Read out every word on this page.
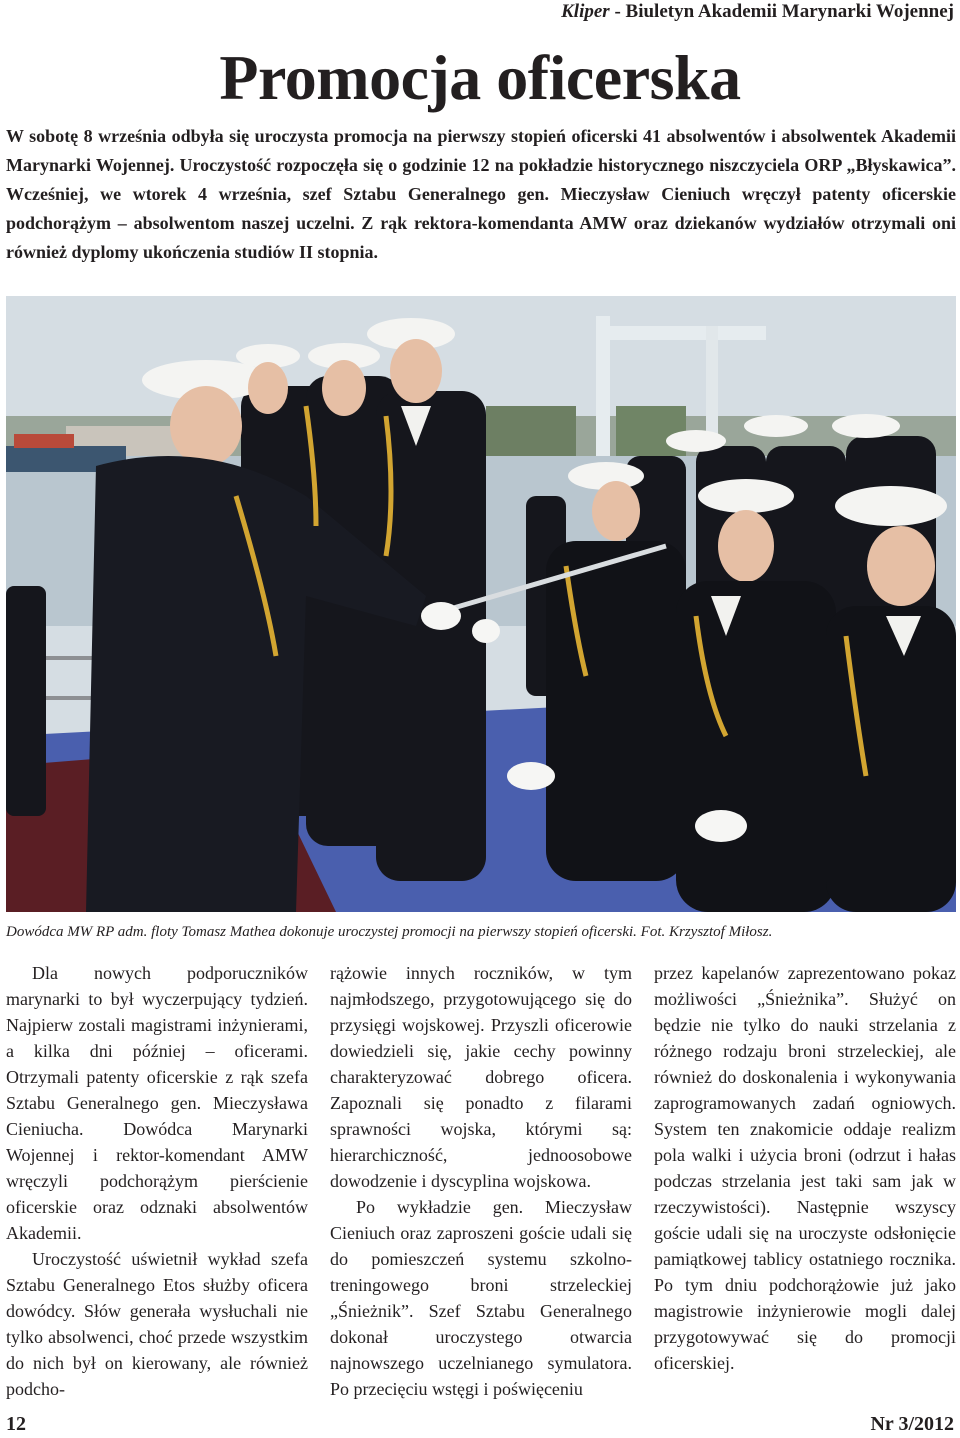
Kliper - Biuletyn Akademii Marynarki Wojennej
Promocja oficerska
W sobotę 8 września odbyła się uroczysta promocja na pierwszy stopień oficerski 41 absolwentów i absolwentek Akademii Marynarki Wojennej. Uroczystość rozpoczęła się o godzinie 12 na pokładzie historycznego niszczyciela ORP „Błyskawica”. Wcześniej, we wtorek 4 września, szef Sztabu Generalnego gen. Mieczysław Cieniuch wręczył patenty oficerskie podchorążym – absolwentom naszej uczelni. Z rąk rektora-komendanta AMW oraz dziekanów wydziałów otrzymali oni również dyplomy ukończenia studiów II stopnia.
Dowódca MW RP adm. floty Tomasz Mathea dokonuje uroczystej promocji na pierwszy stopień oficerski. Fot. Krzysztof Miłosz.

Dla nowych podporuczników marynarki to był wyczerpujący tydzień. Najpierw zostali magistrami inżynierami, a kilka dni później – oficerami. Otrzymali patenty oficerskie z rąk szefa Sztabu Generalnego gen. Mieczysława Cieniucha. Dowódca Marynarki Wojennej i rektor-komendant AMW wręczyli podchorążym pierścienie oficerskie oraz odznaki absolwentów Akademii.

Uroczystość uświetnił wykład szefa Sztabu Generalnego Etos służby oficera dowódcy. Słów generała wysłuchali nie tylko absolwenci, choć przede wszystkim do nich był on kierowany, ale również podcho-

rążowie innych roczników, w tym najmłodszego, przygotowującego się do przysięgi wojskowej. Przyszli oficerowie dowiedzieli się, jakie cechy powinny charakteryzować dobrego oficera. Zapoznali się ponadto z filarami sprawności wojska, którymi są: hierarchiczność, jednoosobowe dowodzenie i dyscyplina wojskowa.

Po wykładzie gen. Mieczysław Cieniuch oraz zaproszeni goście udali się do pomieszczeń systemu szkolno-treningowego broni strzeleckiej „Śnieżnik”. Szef Sztabu Generalnego dokonał uroczystego otwarcia najnowszego uczelnianego symulatora. Po przecięciu wstęgi i poświęceniu

przez kapelanów zaprezentowano pokaz możliwości „Śnieżnika”. Służyć on będzie nie tylko do nauki strzelania z różnego rodzaju broni strzeleckiej, ale również do doskonalenia i wykonywania zaprogramowanych zadań ogniowych. System ten znakomicie oddaje realizm pola walki i użycia broni (odrzut i hałas podczas strzelania jest taki sam jak w rzeczywistości). Następnie wszyscy goście udali się na uroczyste odsłonięcie pamiątkowej tablicy ostatniego rocznika. Po tym dniu podchorążowie już jako magistrowie inżynierowie mogli dalej przygotowywać się do promocji oficerskiej.

12	Nr 3/2012
